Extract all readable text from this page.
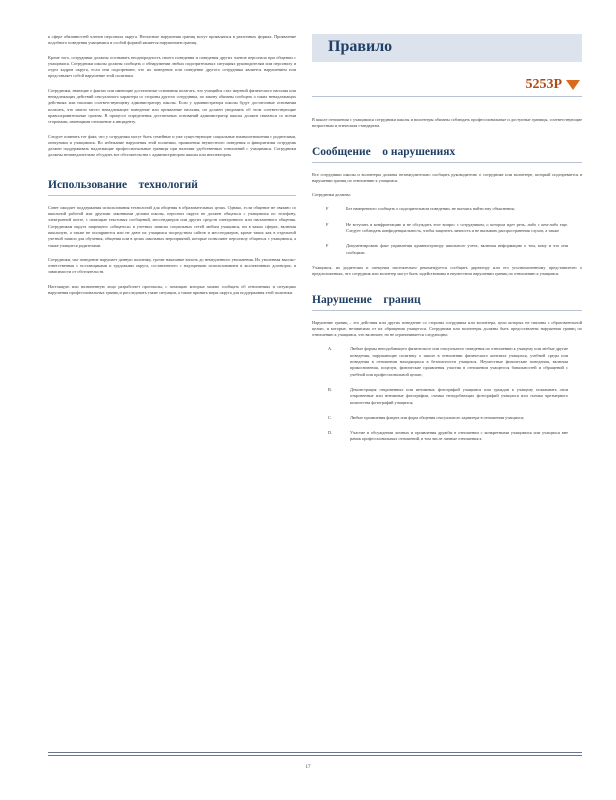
к сфере обязанностей членов персонала округа. Негласные нарушения границ могут проявляться в различных формах. Проявление подобного поведения учащимися и особой формой является нарушением границ.

Кроме того, сотрудники должны осознавать неоднородность своего поведения и поведения других членов персонала при общении с учащимися. Сотрудники школы должны сообщать о обнаружении любых подозрительных ситуациях руководителям или персоналу и отдел кадров округа, если они подозревают, что их поведение или поведение другого сотрудника является нарушением или представляет собой нарушение этой политики.

Сотрудники, знающие о фактах или имеющие достаточные основания полагать, что учащийся стал жертвой физического насилия или ненадлежащих действий сексуального характера со стороны другого сотрудника, по закону обязаны сообщать о таких ненадлежащих действиях или насилии соответствующему администратору школы. Если у администратора школы будут достаточные основания полагать, что имело место ненадлежащее поведение или проявление насилия, он должен уведомить об этом соответствующие правоохранительные органы. В процессе определения достаточных оснований администратор школы должен связаться со всеми сторонами, имеющими отношение к инциденту.

Следует помнить тот факт, что у сотрудника могут быть семейные и уже существующие социальные взаимоотношения с родителями, опекунами и учащимися. Во избежание нарушения этой политики, проявления неуместного поведения и фаворитизма сотрудник должен поддерживать надлежащие профессиональные границы при наличии удобственных отношений с учащимися. Сотрудники должны незамедлительно обсудить все обстоятельства с администратором школы или инспектором.

Использование    технологий

Совет ожидает поддержания использования технологий для общения в образовательных целях. Однако, если общение не связано со школьной работой или другими законными делами школы, персонал округа не должен общаться с учащимися по телефону, электронной почте, с помощью текстовых сообщений, мессенджеров или других средств электронного или письменного общения. Сотрудникам округа запрещено «общаться» в учетных записях социальных сетей любым учащимся, ни в каких сферах, включая школьную, а также не поощряются или не дают их учащимся посредством сайтов и мессенджеров, кроме таких как в отдельной учетной записи для обучения, общения или в целях школьных мероприятий, которые позволяют персоналу общаться с учащимися, а также учащиеся родителями.

Сотрудники, чье поведение нарушает данную политику, грозит наказание вплоть до немедленного увольнения. Их уволенная высоко-ответственная с поставщиками и трудовыми округа, составленного с надзорными использованием в коллективных договорах, в зависимости от обстоятельств.

Настоящую или назначенную лицо разработает протоколы, с помощью которых можно сообщать об отношениях и ситуациях нарушения профессиональных границ и расследовать такие ситуации, а также принять меры округа для поддержания этой политики.

Правило
5253Р

В школе отношения с учащимися сотрудники школы и волонтеры обязаны соблюдать профессиональные и доступные границы, соответствующие возрастным и этическим стандартам.

Сообщение    о нарушениях

Все сотрудники школы и волонтеры должны незамедлительно сообщать руководителю о сотруднике или волонтере, который подозревается в нарушении границ по отношению к учащимся.

Сотрудники должны:

F	Без намеренного сообщать о подозрительном поведении, не пытаясь найти ему объяснения;

F	Не вступать в конфронтацию и не обсуждать этот вопрос с сотрудником, о котором идет речь, либо с кем-либо еще. Следует соблюдать конфиденциальность, чтобы защитить личность и не вызывать распространения слухов, а также

F	Документировать факт управления администратору школьного учета, включая информацию о том, кому и что они сообщили.

Учащимся, их родителям и опекунам настоятельно рекомендуется сообщать директору или его уполномоченному представителю о предположениях, что сотрудник или волонтер могут быть задействованы в неуместном нарушении границ по отношению к учащимся.

Нарушение    границ

Нарушение границ – это действия или других поведение со стороны сотрудника или волонтера, цели которых не связаны с образовательной целью, и которые, независимо от их обращения учащегося. Сотрудники или волонтеры должны быть предоставлены нарушения границ по отношению к учащимся, что включает, но не ограничивается следующим:

A.	Любые формы неподобающего физического или сексуального поведения по отношению к учащему или любые другие поведения, нарушающие политику о школе в отношении физического контакта учащихся, учебной среды или поведения в отношении находящихся в безопасности учащихся. Неуместные физические поведения, включая прикосновения, поцелуи, физические проявления участия в отношении учащегося банальностей и обращений с учебной или профессиональной целью;

B.	Демонстрация откровенных или интимных фотографий учащимся или граждан к учащему показывать свои откровенные или интимные фотографии, съемка неподобающих фотографий учащихся или съемка чрезмерного количества фотографий учащихся;

C.	Любые проявления флирта или форм общения сексуального характера в отношении учащихся;

D.	Участие в обсуждении личных и проявления дружбы в отношении с конкретными учащимися или учащихся вне рамок профессиональных отношений, в том числе личные отношения к

17
